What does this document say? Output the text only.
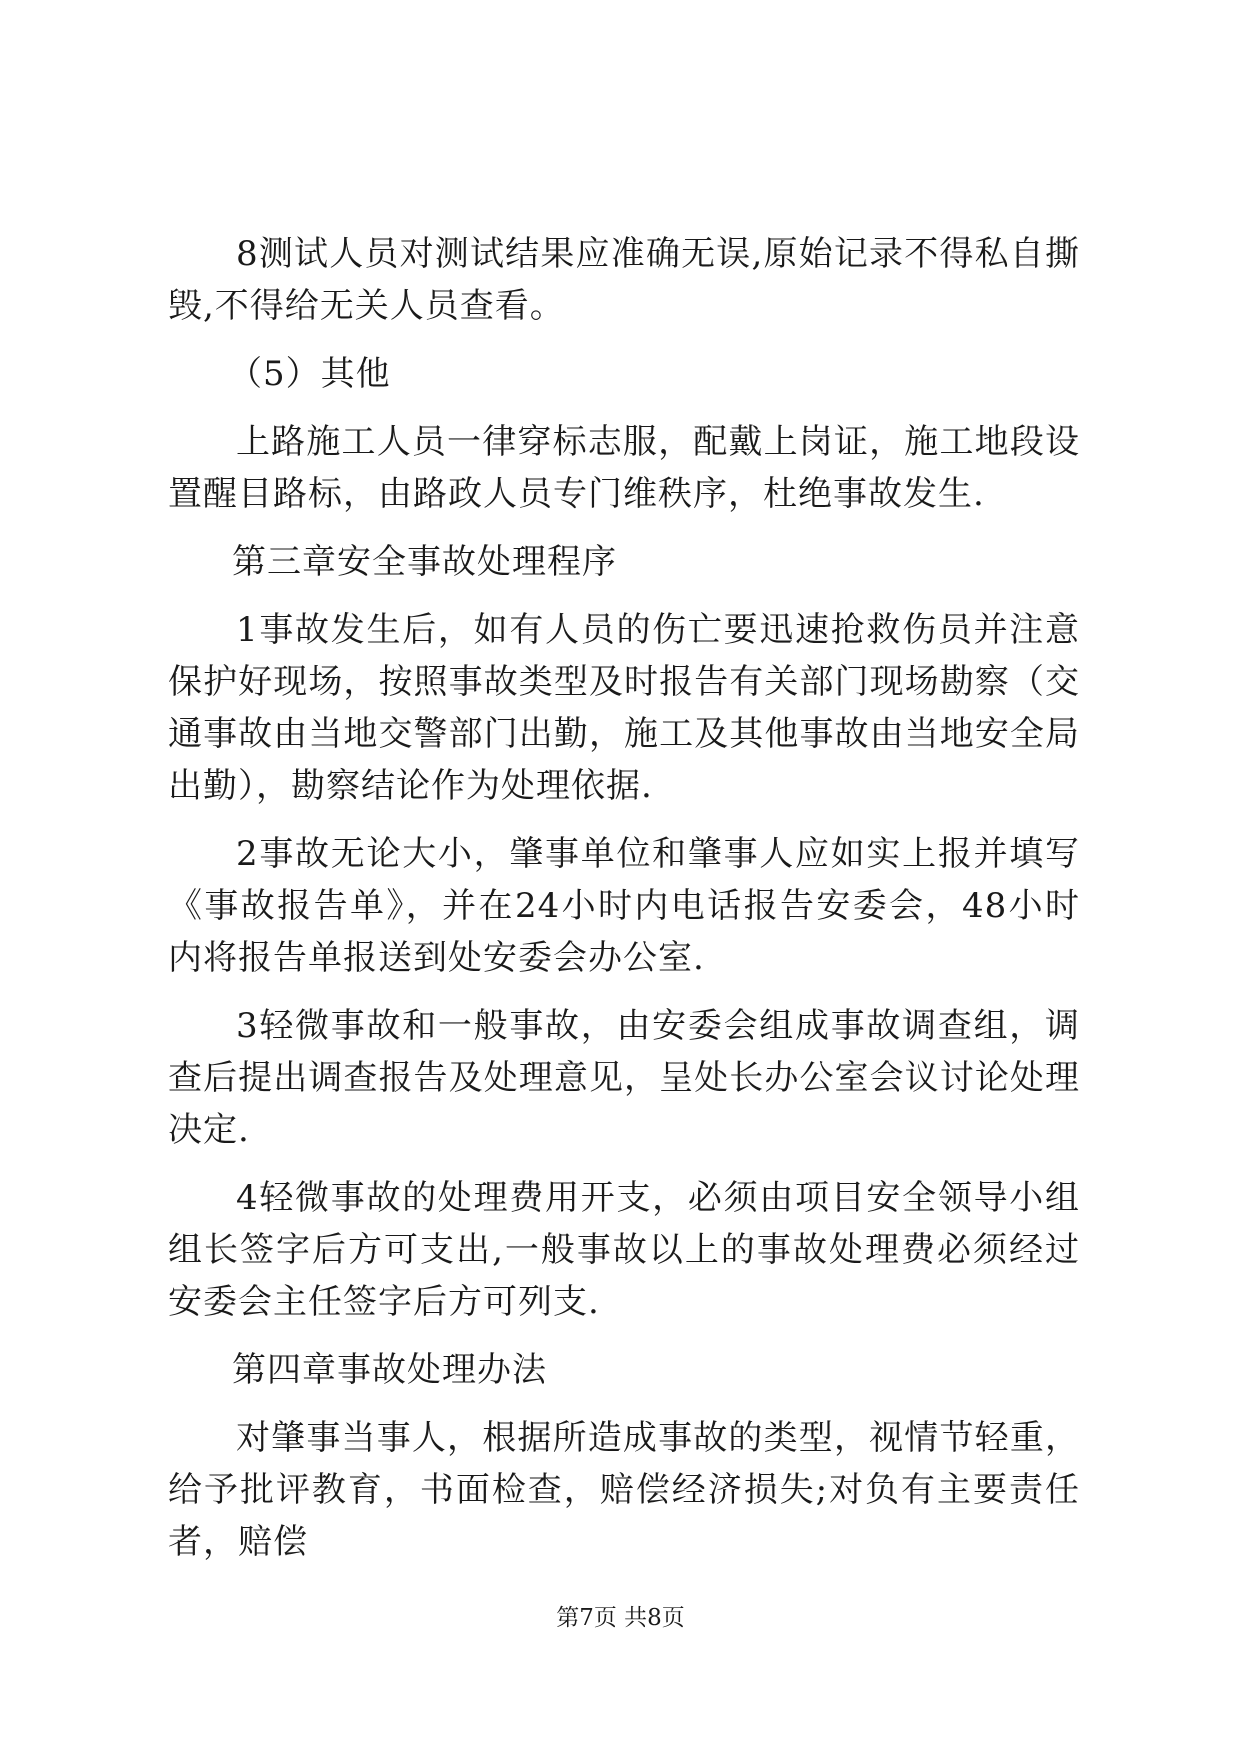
8测试人员对测试结果应准确无误,原始记录不得私自撕毁,不得给无关人员查看。

（5）其他

上路施工人员一律穿标志服，配戴上岗证，施工地段设置醒目路标，由路政人员专门维秩序，杜绝事故发生.

第三章安全事故处理程序

1事故发生后，如有人员的伤亡要迅速抢救伤员并注意保护好现场，按照事故类型及时报告有关部门现场勘察（交通事故由当地交警部门出勤，施工及其他事故由当地安全局出勤），勘察结论作为处理依据.

2事故无论大小，肇事单位和肇事人应如实上报并填写《事故报告单》，并在24小时内电话报告安委会，48小时内将报告单报送到处安委会办公室.

3轻微事故和一般事故，由安委会组成事故调查组，调查后提出调查报告及处理意见，呈处长办公室会议讨论处理决定.

4轻微事故的处理费用开支，必须由项目安全领导小组组长签字后方可支出,一般事故以上的事故处理费必须经过安委会主任签字后方可列支.

第四章事故处理办法

对肇事当事人，根据所造成事故的类型，视情节轻重，给予批评教育，书面检查，赔偿经济损失;对负有主要责任者，赔偿

第7页 共8页
